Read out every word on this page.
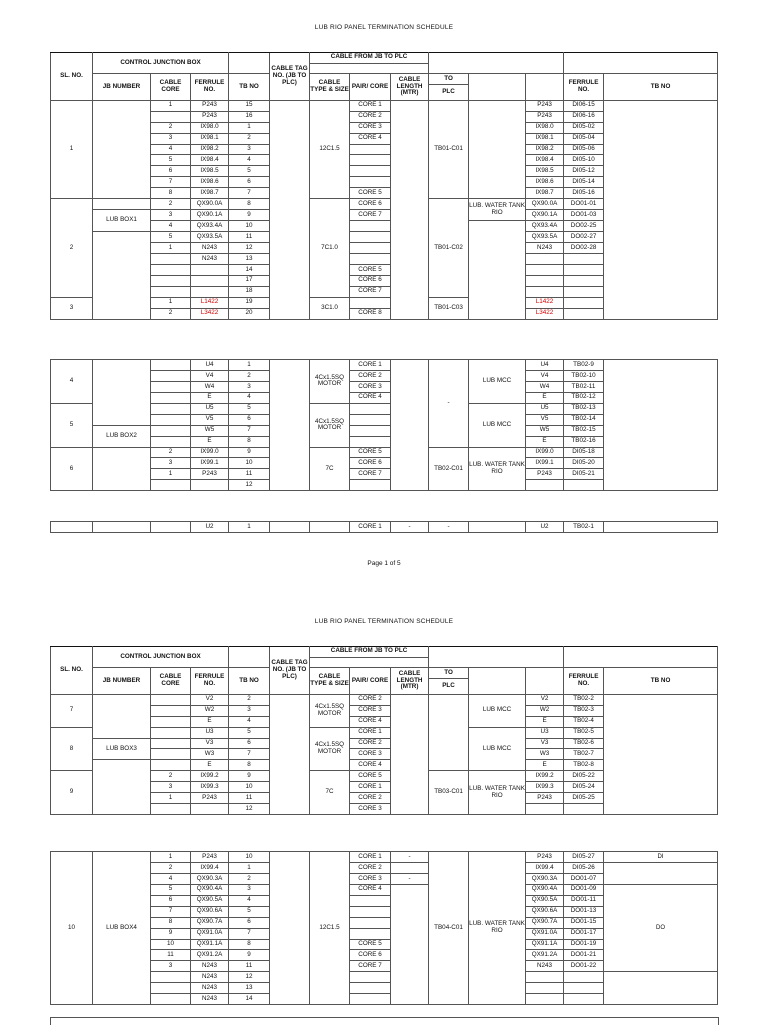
LUB RIO PANEL TERMINATION SCHEDULE
SL. NO.	CONTROL JUNCTION BOX				CABLE TAG NO. (JB TO PLC)	CABLE FROM JB TO PLC			

	JB NUMBER	CABLE CORE	FERRULE NO.	TB NO		CABLE TYPE & SIZE	PAIR/ CORE	CABLE LENGTH (MTR)	TO			FERRULE NO.	TB NO	
									PLC					
1		1	P243	15		12C1.5	CORE 1		TB01-C01		P243	DI06-15		
			P243	16			CORE 2				P243	DI06-16		
		2	IX98.0	1			CORE 3				IX98.0	DI05-02		
		3	IX98.1	2			CORE 4				IX98.1	DI05-04		
		4	IX98.2	3							IX98.2	DI05-06		
		5	IX98.4	4							IX98.4	DI05-10		
		6	IX98.5	5							IX98.5	DI05-12		
		7	IX98.6	6							IX98.6	DI05-14		
		8	IX98.7	7			CORE 5				IX98.7	DI05-16		
2		2	QX90.0A	8		7C1.0	CORE 6		TB01-C02	LUB. WATER TANK RIO	QX90.0A	DO01-01		
	LUB BOX1	3	QX90.1A	9			CORE 7				QX90.1A	DO01-03		
		4	QX93.4A	10							QX93.4A	DO02-25		
		5	QX93.5A	11							QX93.5A	DO02-27		
		1	N243	12							N243	DO02-28		
			N243	13										
				14			CORE 5							
				17			CORE 6							
				18			CORE 7							
3		1	L1422	19		3C1.0			TB01-C03		L1422			
		2	L3422	20			CORE 8				L3422			
4			U4	1		4Cx1.5SQ MOTOR	CORE 1		-	LUB MCC	U4	TB02-9	
			V4	2			CORE 2				V4	TB02-10	
			W4	3			CORE 3				W4	TB02-11	
			E	4			CORE 4				E	TB02-12	
5			U5	5		4Cx1.5SQ MOTOR				LUB MCC	U5	TB02-13	
			V5	6							V5	TB02-14	
	LUB BOX2		W5	7							W5	TB02-15	
			E	8							E	TB02-16	
6		2	IX99.0	9		7C	CORE 5		TB02-C01	LUB. WATER TANK RIO	IX99.0	DI05-18	
		3	IX99.1	10			CORE 6				IX99.1	DI05-20	
		1	P243	11			CORE 7				P243	DI05-21	
				12									
			U2	1			CORE 1	-	-		U2	TB02-1	
Page 1 of 5
LUB RIO PANEL TERMINATION SCHEDULE
SL. NO.	CONTROL JUNCTION BOX				CABLE TAG NO. (JB TO PLC)	CABLE FROM JB TO PLC			

	JB NUMBER	CABLE CORE	FERRULE NO.	TB NO		CABLE TYPE & SIZE	PAIR/ CORE	CABLE LENGTH (MTR)	TO			FERRULE NO.	TB NO	
									PLC					
7			V2	2		4Cx1.5SQ MOTOR	CORE 2			LUB MCC	V2	TB02-2		
			W2	3			CORE 3				W2	TB02-3		
			E	4			CORE 4				E	TB02-4		
8			U3	5		4Cx1.5SQ MOTOR	CORE 1			LUB MCC	U3	TB02-5		
	LUB BOX3		V3	6			CORE 2				V3	TB02-6		
			W3	7			CORE 3				W3	TB02-7		
			E	8			CORE 4				E	TB02-8		
9		2	IX99.2	9		7C	CORE 5		TB03-C01	LUB. WATER TANK RIO	IX99.2	DI05-22		
		3	IX99.3	10			CORE 1				IX99.3	DI05-24		
		1	P243	11			CORE 2				P243	DI05-25		
				12			CORE 3							
10	LUB BOX4	1	P243	10		12C1.5	CORE 1	-	TB04-C01	LUB. WATER TANK RIO	P243	DI05-27	DI
		2	IX99.4	1			CORE 2				IX99.4	DI05-26	
		4	QX90.3A	2			CORE 3	-			QX90.3A	DO01-07	
		5	QX90.4A	3			CORE 4				QX90.4A	DO01-09	DO
		6	QX90.5A	4							QX90.5A	DO01-11	
		7	QX90.6A	5							QX90.6A	DO01-13	
		8	QX90.7A	6							QX90.7A	DO01-15	
		9	QX91.0A	7							QX91.0A	DO01-17	
		10	QX91.1A	8			CORE 5				QX91.1A	DO01-19	
		11	QX91.2A	9			CORE 6				QX91.2A	DO01-21	
		3	N243	11			CORE 7				N243	DO01-22	
			N243	12									
			N243	13									
			N243	14									
